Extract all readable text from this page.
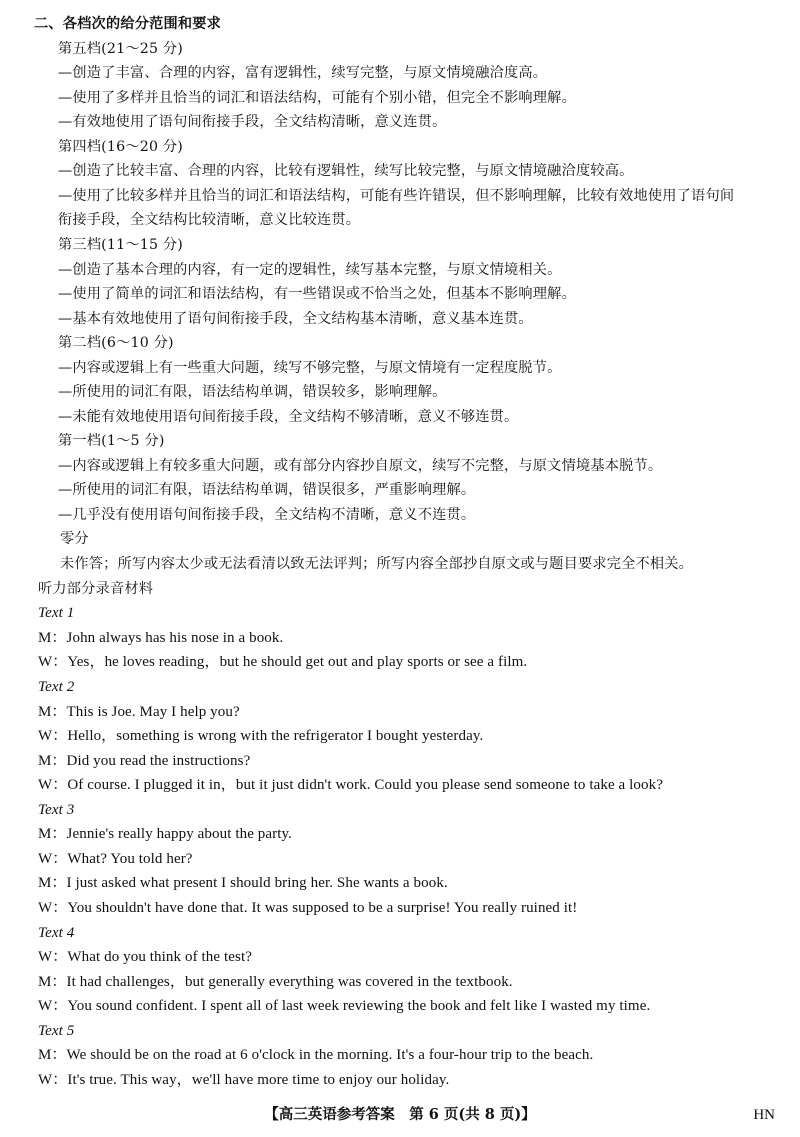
二、各档次的给分范围和要求
第五档(21～25 分)
—创造了丰富、合理的内容，富有逻辑性，续写完整，与原文情境融洽度高。
—使用了多样并且恰当的词汇和语法结构，可能有个别小错，但完全不影响理解。
—有效地使用了语句间衔接手段，全文结构清晰，意义连贯。
第四档(16～20 分)
—创造了比较丰富、合理的内容，比较有逻辑性，续写比较完整，与原文情境融洽度较高。
—使用了比较多样并且恰当的词汇和语法结构，可能有些许错误，但不影响理解，比较有效地使用了语句间
衔接手段，全文结构比较清晰，意义比较连贯。
第三档(11～15 分)
—创造了基本合理的内容，有一定的逻辑性，续写基本完整，与原文情境相关。
—使用了简单的词汇和语法结构，有一些错误或不恰当之处，但基本不影响理解。
—基本有效地使用了语句间衔接手段，全文结构基本清晰，意义基本连贯。
第二档(6～10 分)
—内容或逻辑上有一些重大问题，续写不够完整，与原文情境有一定程度脱节。
—所使用的词汇有限，语法结构单调，错误较多，影响理解。
—未能有效地使用语句间衔接手段，全文结构不够清晰，意义不够连贯。
第一档(1～5 分)
—内容或逻辑上有较多重大问题，或有部分内容抄自原文，续写不完整，与原文情境基本脱节。
—所使用的词汇有限，语法结构单调，错误很多，严重影响理解。
—几乎没有使用语句间衔接手段，全文结构不清晰，意义不连贯。
零分
未作答；所写内容太少或无法看清以致无法评判；所写内容全部抄自原文或与题目要求完全不相关。
听力部分录音材料
Text 1
M：John always has his nose in a book.
W：Yes，he loves reading，but he should get out and play sports or see a film.
Text 2
M：This is Joe. May I help you?
W：Hello，something is wrong with the refrigerator I bought yesterday.
M：Did you read the instructions?
W：Of course. I plugged it in，but it just didn't work. Could you please send someone to take a look?
Text 3
M：Jennie's really happy about the party.
W：What? You told her?
M：I just asked what present I should bring her. She wants a book.
W：You shouldn't have done that. It was supposed to be a surprise! You really ruined it!
Text 4
W：What do you think of the test?
M：It had challenges，but generally everything was covered in the textbook.
W：You sound confident. I spent all of last week reviewing the book and felt like I wasted my time.
Text 5
M：We should be on the road at 6 o'clock in the morning. It's a four-hour trip to the beach.
W：It's true. This way，we'll have more time to enjoy our holiday.
【高三英语参考答案　第 6 页(共 8 页)】	HN
